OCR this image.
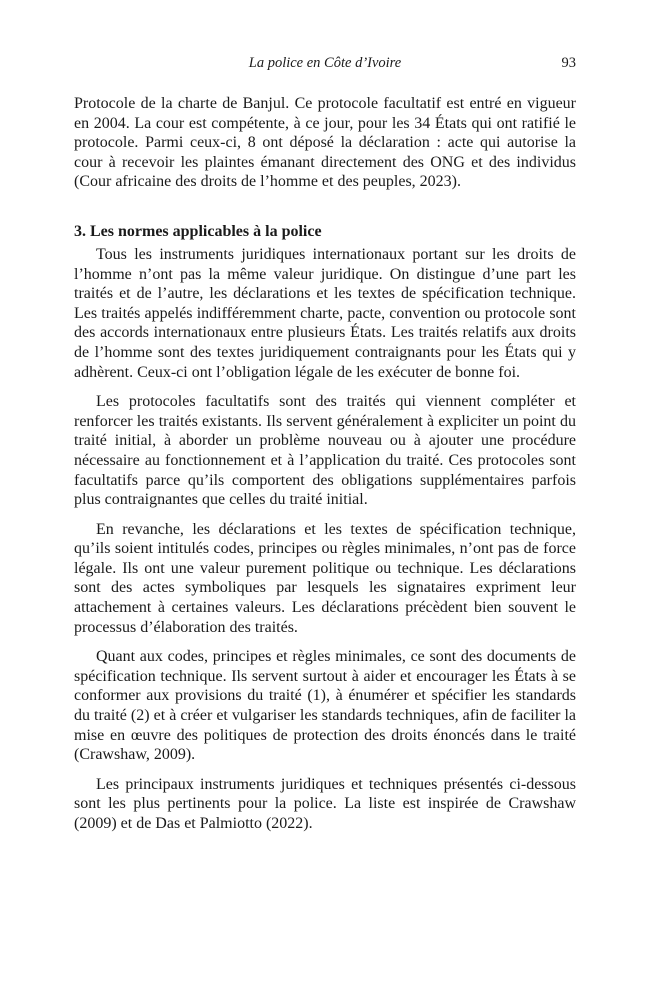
La police en Côte d’Ivoire	93

Protocole de la charte de Banjul. Ce protocole facultatif est entré en vigueur en 2004. La cour est compétente, à ce jour, pour les 34 États qui ont ratifié le protocole. Parmi ceux-ci, 8 ont déposé la déclaration : acte qui autorise la cour à recevoir les plaintes émanant directement des ONG et des individus (Cour africaine des droits de l’homme et des peuples, 2023).

3. Les normes applicables à la police

Tous les instruments juridiques internationaux portant sur les droits de l’homme n’ont pas la même valeur juridique. On distingue d’une part les traités et de l’autre, les déclarations et les textes de spécification technique. Les traités appelés indifféremment charte, pacte, convention ou protocole sont des accords internationaux entre plusieurs États. Les traités relatifs aux droits de l’homme sont des textes juridiquement contraignants pour les États qui y adhèrent. Ceux-ci ont l’obligation légale de les exécuter de bonne foi.

Les protocoles facultatifs sont des traités qui viennent compléter et renforcer les traités existants. Ils servent généralement à expliciter un point du traité initial, à aborder un problème nouveau ou à ajouter une procédure nécessaire au fonctionnement et à l’application du traité. Ces protocoles sont facultatifs parce qu’ils comportent des obligations supplémentaires parfois plus contraignantes que celles du traité initial.

En revanche, les déclarations et les textes de spécification technique, qu’ils soient intitulés codes, principes ou règles minimales, n’ont pas de force légale. Ils ont une valeur purement politique ou technique. Les déclarations sont des actes symboliques par lesquels les signataires expriment leur attachement à certaines valeurs. Les déclarations précèdent bien souvent le processus d’élaboration des traités.

Quant aux codes, principes et règles minimales, ce sont des documents de spécification technique. Ils servent surtout à aider et encourager les États à se conformer aux provisions du traité (1), à énumérer et spécifier les standards du traité (2) et à créer et vulgariser les standards techniques, afin de faciliter la mise en œuvre des politiques de protection des droits énoncés dans le traité (Crawshaw, 2009).

Les principaux instruments juridiques et techniques présentés ci-dessous sont les plus pertinents pour la police. La liste est inspirée de Crawshaw (2009) et de Das et Palmiotto (2022).
